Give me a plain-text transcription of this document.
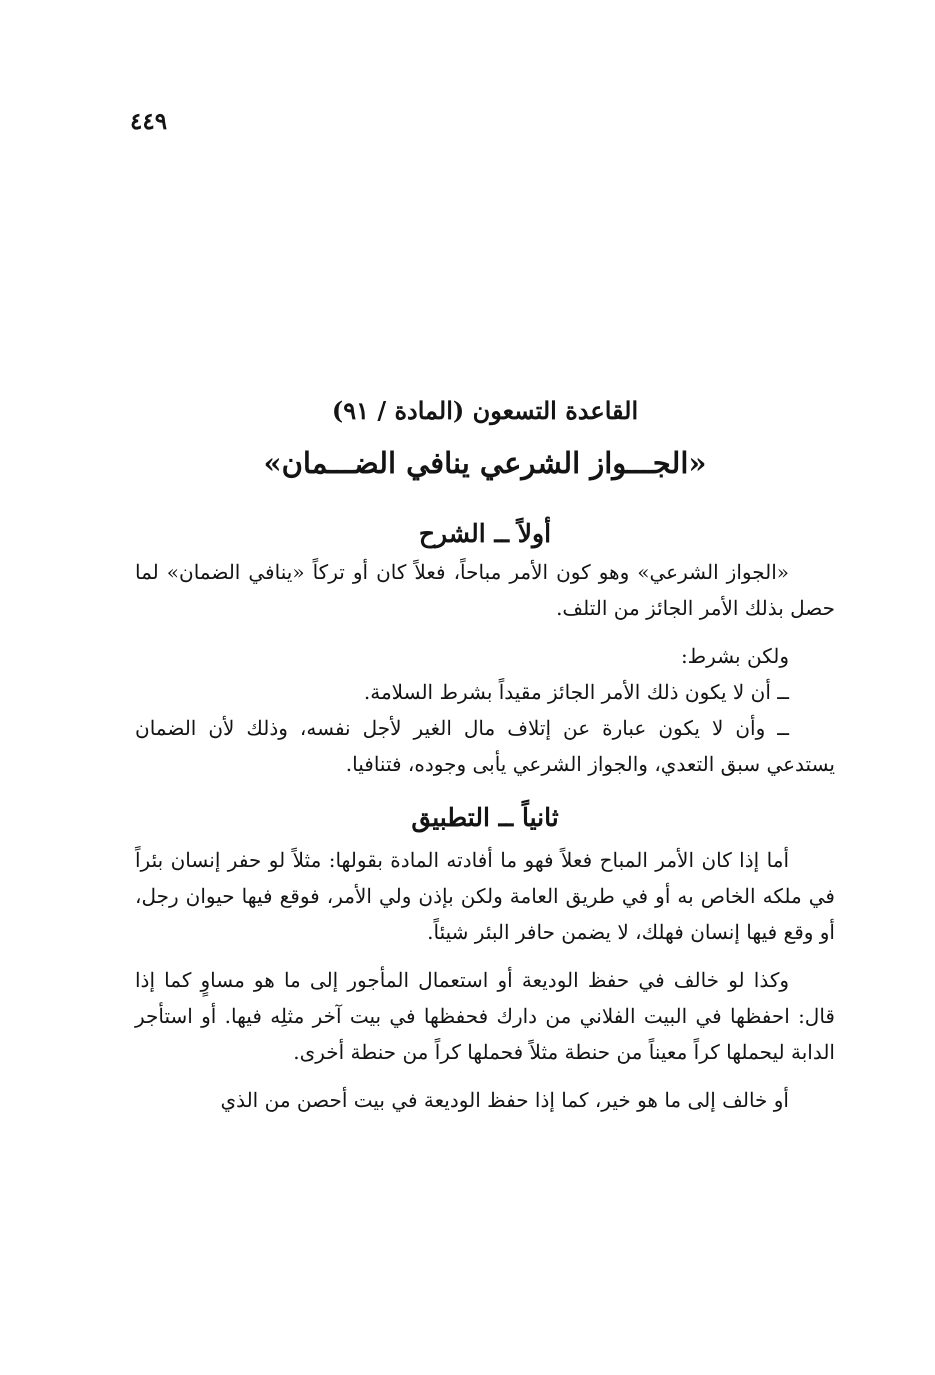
٤٤٩
القاعدة التسعون (المادة / ٩١)
«الجـــواز الشرعي ينافي الضـــمان»
أولاً ــ الشرح

«الجواز الشرعي» وهو كون الأمر مباحاً، فعلاً كان أو تركاً «ينافي الضمان» لما حصل بذلك الأمر الجائز من التلف.

ولكن بشرط:

ــ أن لا يكون ذلك الأمر الجائز مقيداً بشرط السلامة.

ــ وأن لا يكون عبارة عن إتلاف مال الغير لأجل نفسه، وذلك لأن الضمان يستدعي سبق التعدي، والجواز الشرعي يأبى وجوده، فتنافيا.

ثانياً ــ التطبيق

أما إذا كان الأمر المباح فعلاً فهو ما أفادته المادة بقولها: مثلاً لو حفر إنسان بئراً في ملكه الخاص به أو في طريق العامة ولكن بإذن ولي الأمر، فوقع فيها حيوان رجل، أو وقع فيها إنسان فهلك، لا يضمن حافر البئر شيئاً.

وكذا لو خالف في حفظ الوديعة أو استعمال المأجور إلى ما هو مساوٍ كما إذا قال: احفظها في البيت الفلاني من دارك فحفظها في بيت آخر مثلِه فيها. أو استأجر الدابة ليحملها كراً معيناً من حنطة مثلاً فحملها كراً من حنطة أخرى.

أو خالف إلى ما هو خير، كما إذا حفظ الوديعة في بيت أحصن من الذي
